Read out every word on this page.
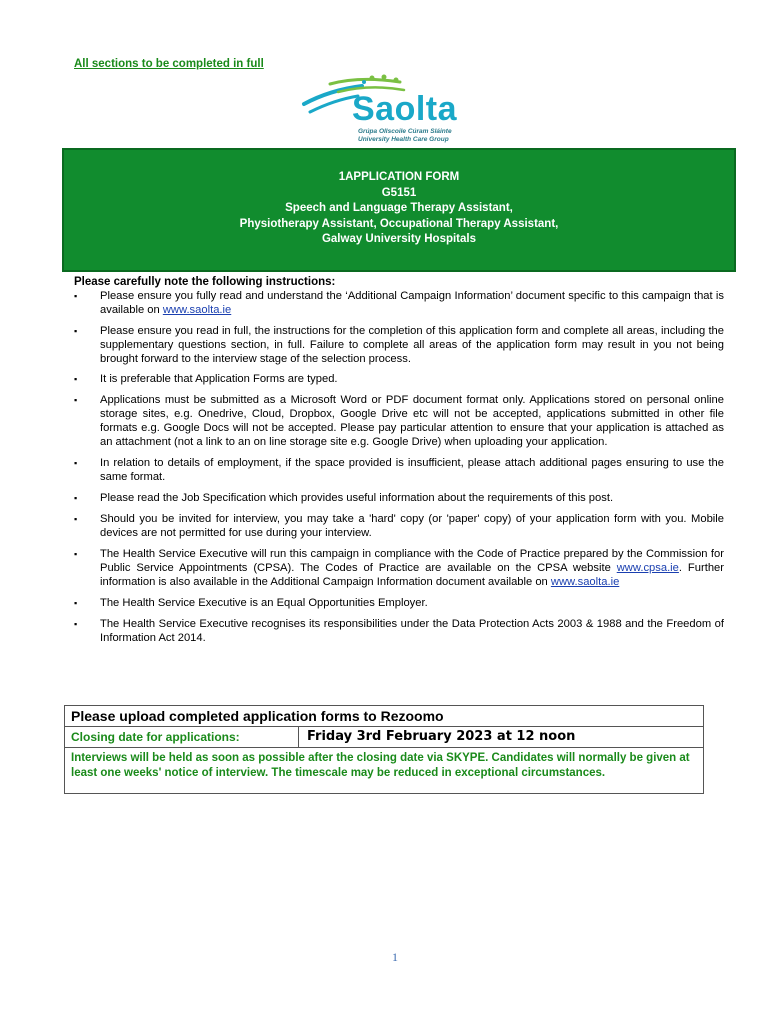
All sections to be completed in full
Saolta
Grúpa Ollscoile Cúram Sláinte
University Health Care Group
1APPLICATION FORM
G5151
Speech and Language Therapy Assistant,
Physiotherapy Assistant, Occupational Therapy Assistant,
Galway University Hospitals
Please carefully note the following instructions:
▪ Please ensure you fully read and understand the ‘Additional Campaign Information’ document specific to this campaign that is available on www.saolta.ie
▪ Please ensure you read in full, the instructions for the completion of this application form and complete all areas, including the supplementary questions section, in full. Failure to complete all areas of the application form may result in you not being brought forward to the interview stage of the selection process.
▪ It is preferable that Application Forms are typed.
▪ Applications must be submitted as a Microsoft Word or PDF document format only. Applications stored on personal online storage sites, e.g. Onedrive, Cloud, Dropbox, Google Drive etc will not be accepted, applications submitted in other file formats e.g. Google Docs will not be accepted. Please pay particular attention to ensure that your application is attached as an attachment (not a link to an on line storage site e.g. Google Drive) when uploading your application.
▪ In relation to details of employment, if the space provided is insufficient, please attach additional pages ensuring to use the same format.
▪ Please read the Job Specification which provides useful information about the requirements of this post.
▪ Should you be invited for interview, you may take a 'hard' copy (or 'paper' copy) of your application form with you. Mobile devices are not permitted for use during your interview.
▪ The Health Service Executive will run this campaign in compliance with the Code of Practice prepared by the Commission for Public Service Appointments (CPSA). The Codes of Practice are available on the CPSA website www.cpsa.ie. Further information is also available in the Additional Campaign Information document available on www.saolta.ie
▪ The Health Service Executive is an Equal Opportunities Employer.
▪ The Health Service Executive recognises its responsibilities under the Data Protection Acts 2003 & 1988 and the Freedom of Information Act 2014.
Please upload completed application forms to Rezoomo
Closing date for applications:	Friday 3rd February 2023 at 12 noon
Interviews will be held as soon as possible after the closing date via SKYPE. Candidates will normally be given at least one weeks' notice of interview. The timescale may be reduced in exceptional circumstances.
1
